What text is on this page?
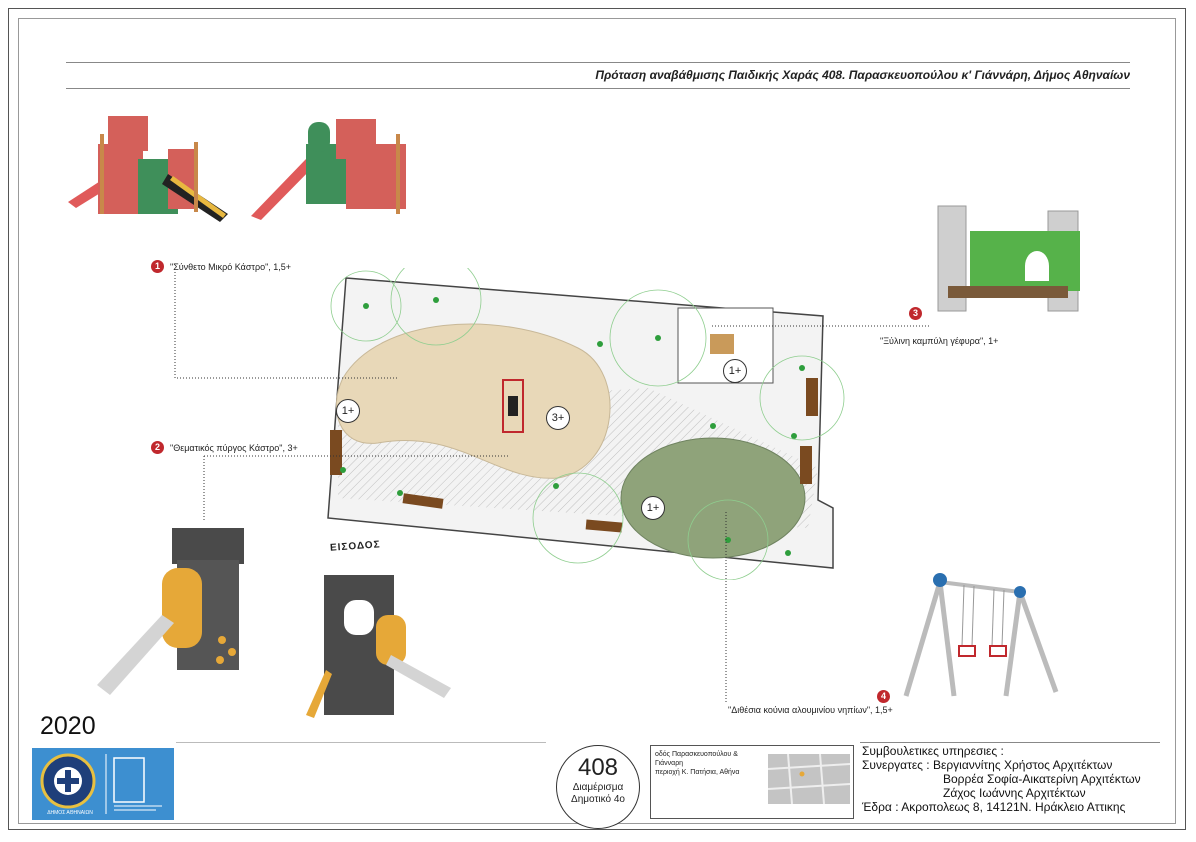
Πρόταση αναβάθμισης Παιδικής Χαράς 408. Παρασκευοπούλου κ' Γιάννάρη, Δήμος Αθηναίων
1+
3+
1+
1+
ΕΙΣΟΔΟΣ
1	"Σύνθετο Μικρό Κάστρο", 1,5+
2	"Θεματικός πύργος Κάστρο", 3+
3
"Ξύλινη καμπύλη γέφυρα", 1+
4
"Διθέσια κούνια αλουμινίου νηπίων", 1,5+
2020
ΔΗΜΟΣ ΑΘΗΝΑΙΩΝ
408
Διαμέρισμα
Δημοτικό 4ο
οδός Παρασκευοπούλου &
Γιάνναρη
περιοχή Κ. Πατήσια, Αθήνα
Συμβουλετικες υπηρεσιες :
Συνεργατες : Βεργιαννίτης Χρήστος Αρχιτέκτων
Βορρέα Σοφία-Αικατερίνη Αρχιτέκτων
Ζάχος Ιωάννης Αρχιτέκτων
Έδρα : Ακροπολεως 8, 14121Ν. Ηράκλειο Αττικης
